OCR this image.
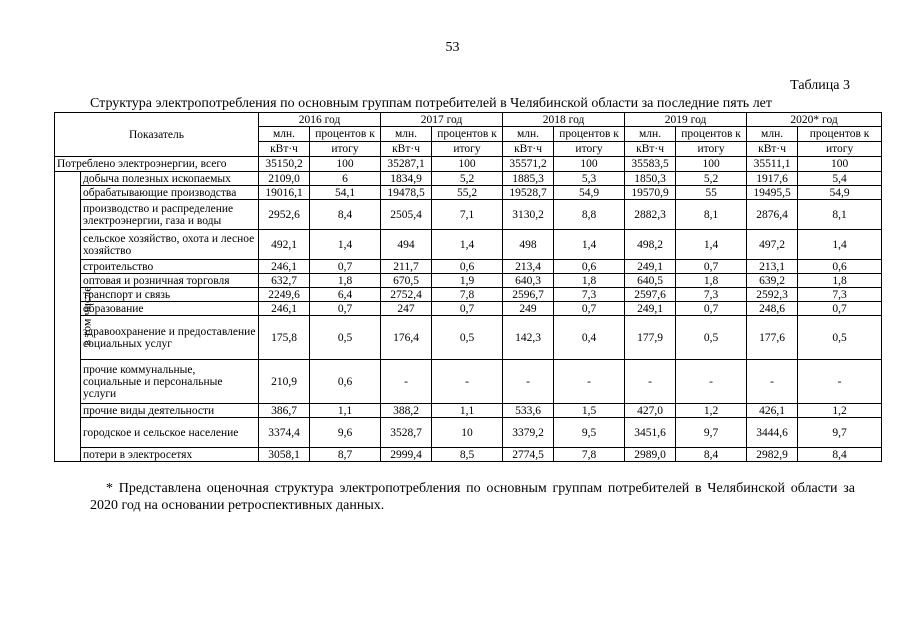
53
Таблица 3
Структура электропотребления по основным группам потребителей в Челябинской области за последние пять лет
Показатель		2016 год		2017 год		2018 год		2019 год		2020* год	
		млн.	процентов к	млн.	процентов к	млн.	процентов к	млн.	процентов к	млн.	процентов к
		кВт·ч	итогу	кВт·ч	итогу	кВт·ч	итогу	кВт·ч	итогу	кВт·ч	итогу
Потреблено электроэнергии, всего		35150,2	100	35287,1	100	35571,2	100	35583,5	100	35511,1	100
в том числе	добыча полезных ископаемых	2109,0	6	1834,9	5,2	1885,3	5,3	1850,3	5,2	1917,6	5,4
	обрабатывающие производства	19016,1	54,1	19478,5	55,2	19528,7	54,9	19570,9	55	19495,5	54,9
	производство и распределение электроэнергии, газа и воды	2952,6	8,4	2505,4	7,1	3130,2	8,8	2882,3	8,1	2876,4	8,1
	сельское хозяйство, охота и лесное хозяйство	492,1	1,4	494	1,4	498	1,4	498,2	1,4	497,2	1,4
	строительство	246,1	0,7	211,7	0,6	213,4	0,6	249,1	0,7	213,1	0,6
	оптовая и розничная торговля	632,7	1,8	670,5	1,9	640,3	1,8	640,5	1,8	639,2	1,8
	транспорт и связь	2249,6	6,4	2752,4	7,8	2596,7	7,3	2597,6	7,3	2592,3	7,3
	образование	246,1	0,7	247	0,7	249	0,7	249,1	0,7	248,6	0,7
	здравоохранение и предоставление социальных услуг	175,8	0,5	176,4	0,5	142,3	0,4	177,9	0,5	177,6	0,5
	прочие коммунальные, социальные и персональные услуги	210,9	0,6	-	-	-	-	-	-	-	-
	прочие виды деятельности	386,7	1,1	388,2	1,1	533,6	1,5	427,0	1,2	426,1	1,2
	городское и сельское население	3374,4	9,6	3528,7	10	3379,2	9,5	3451,6	9,7	3444,6	9,7
	потери в электросетях	3058,1	8,7	2999,4	8,5	2774,5	7,8	2989,0	8,4	2982,9	8,4
* Представлена оценочная структура электропотребления по основным группам потребителей в Челябинской области за 2020 год на основании ретроспективных данных.
